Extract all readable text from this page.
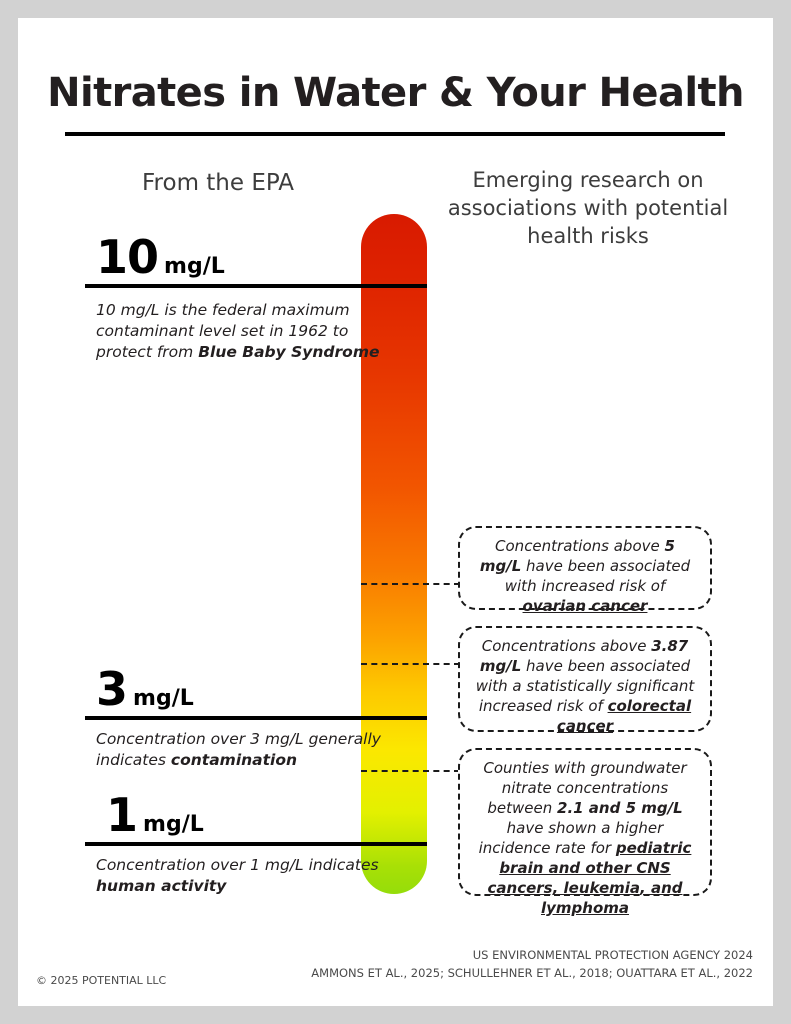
Nitrates in Water & Your Health
From the EPA	Emerging research on associations with potential health risks
10 mg/L
3 mg/L
1 mg/L
10 mg/L is the federal maximum contaminant level set in 1962 to protect from Blue Baby Syndrome
Concentration over 3 mg/L generally indicates contamination
Concentration over 1 mg/L indicates human activity
Concentrations above 5 mg/L have been associated with increased risk of ovarian cancer
Concentrations above 3.87 mg/L have been associated with a statistically significant increased risk of colorectal cancer
Counties with groundwater nitrate concentrations between 2.1 and 5 mg/L have shown a higher incidence rate for pediatric brain and other CNS cancers, leukemia, and lymphoma
© 2025 POTENTIAL LLC
US ENVIRONMENTAL PROTECTION AGENCY 2024
AMMONS ET AL., 2025; SCHULLEHNER ET AL., 2018; OUATTARA ET AL., 2022
